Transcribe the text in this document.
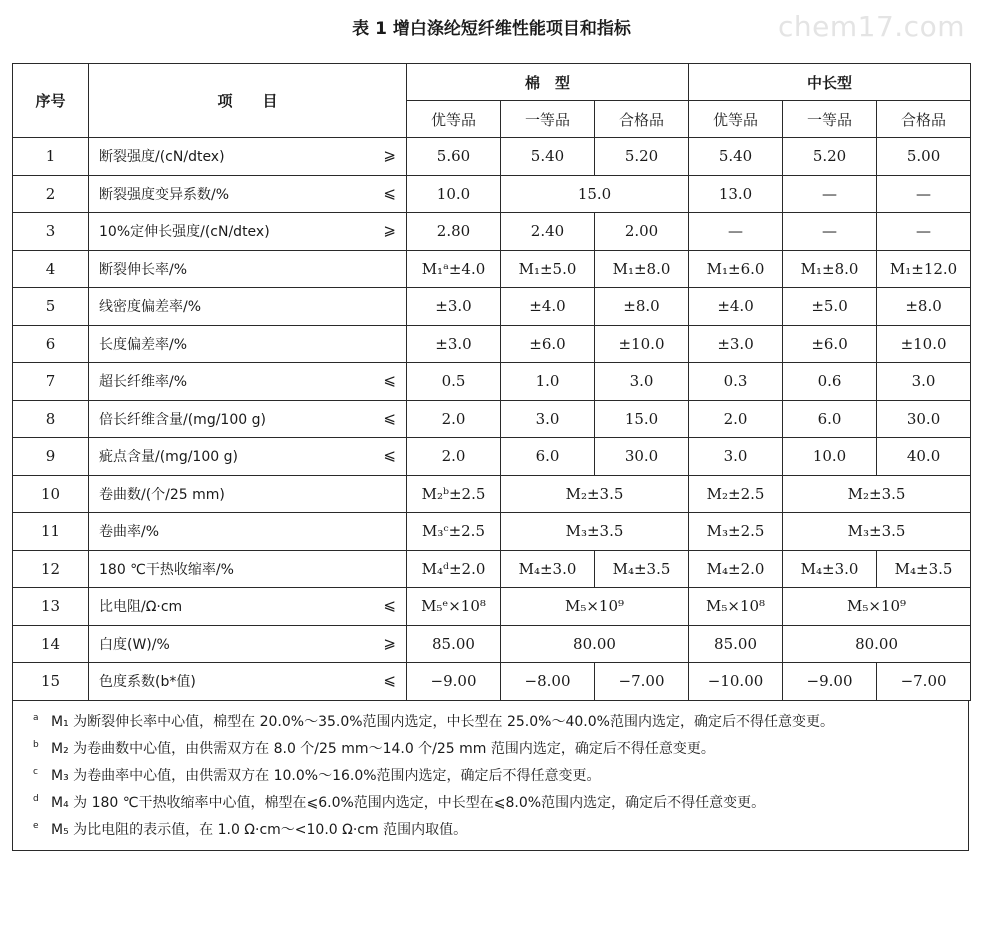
chem17.com
表 1 增白涤纶短纤维性能项目和指标
序号	项　　目	棉　型			中长型		
		优等品	一等品	合格品	优等品	一等品	合格品
1	断裂强度/(cN/dtex) ⩾	5.60	5.40	5.20	5.40	5.20	5.00
2	断裂强度变异系数/% ⩽	10.0	15.0		13.0	—	—
3	10%定伸长强度/(cN/dtex) ⩾	2.80	2.40	2.00	—	—	—
4	断裂伸长率/%	M₁ᵃ±4.0	M₁±5.0	M₁±8.0	M₁±6.0	M₁±8.0	M₁±12.0
5	线密度偏差率/%	±3.0	±4.0	±8.0	±4.0	±5.0	±8.0
6	长度偏差率/%	±3.0	±6.0	±10.0	±3.0	±6.0	±10.0
7	超长纤维率/% ⩽	0.5	1.0	3.0	0.3	0.6	3.0
8	倍长纤维含量/(mg/100 g) ⩽	2.0	3.0	15.0	2.0	6.0	30.0
9	疵点含量/(mg/100 g) ⩽	2.0	6.0	30.0	3.0	10.0	40.0
10	卷曲数/(个/25 mm)	M₂ᵇ±2.5	M₂±3.5		M₂±2.5	M₂±3.5	
11	卷曲率/%	M₃ᶜ±2.5	M₃±3.5		M₃±2.5	M₃±3.5	
12	180 ℃干热收缩率/%	M₄ᵈ±2.0	M₄±3.0	M₄±3.5	M₄±2.0	M₄±3.0	M₄±3.5
13	比电阻/Ω·cm ⩽	M₅ᵉ×10⁸	M₅×10⁹		M₅×10⁸	M₅×10⁹	
14	白度(W)/% ⩾	85.00	80.00		85.00	80.00	
15	色度系数(b*值) ⩽	−9.00	−8.00	−7.00	−10.00	−9.00	−7.00
a M₁ 为断裂伸长率中心值，棉型在 20.0%～35.0%范围内选定，中长型在 25.0%～40.0%范围内选定，确定后不得任意变更。
b M₂ 为卷曲数中心值，由供需双方在 8.0 个/25 mm～14.0 个/25 mm 范围内选定，确定后不得任意变更。
c M₃ 为卷曲率中心值，由供需双方在 10.0%～16.0%范围内选定，确定后不得任意变更。
d M₄ 为 180 ℃干热收缩率中心值，棉型在⩽6.0%范围内选定，中长型在⩽8.0%范围内选定，确定后不得任意变更。
e M₅ 为比电阻的表示值，在 1.0 Ω·cm～<10.0 Ω·cm 范围内取值。
